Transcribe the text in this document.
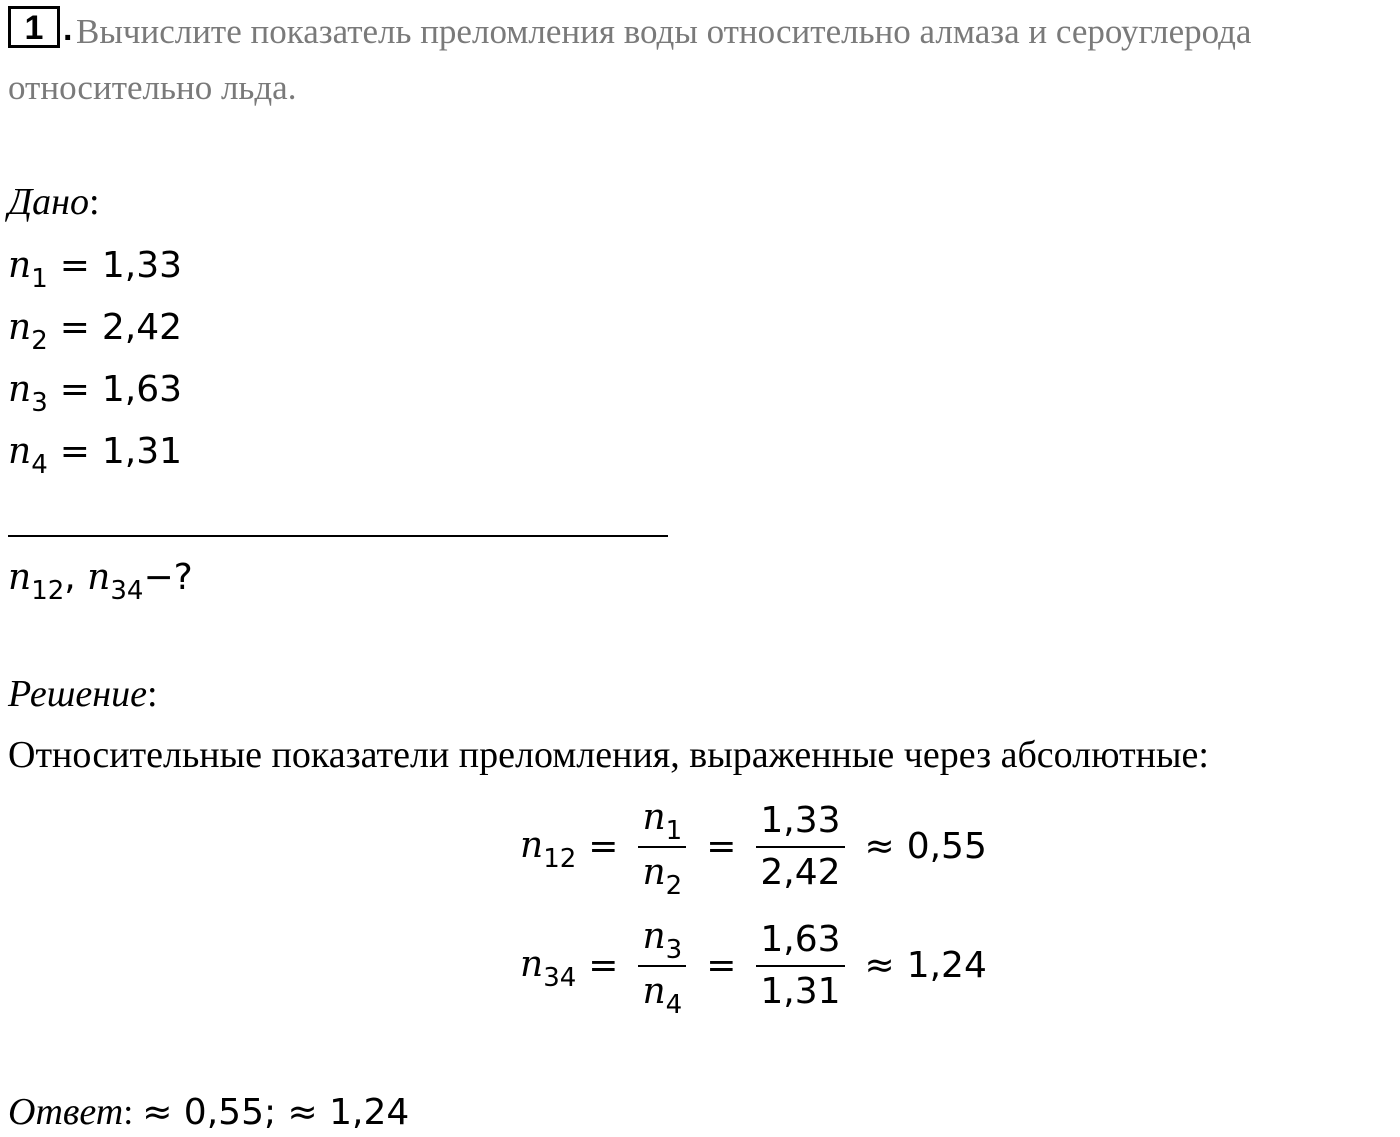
1 . Вычислите показатель преломления воды относительно алмаза и сероуглерода
относительно льда.
Дано:
$n_1 = 1,33$
$n_2 = 2,42$
$n_3 = 1,63$
$n_4 = 1,31$
$n_{12}$, $n_{34}-$?
Решение:
Относительные показатели преломления, выраженные через абсолютные:
$n_{12} = \frac{n_1}{n_2} = \frac{1,33}{2,42} \approx 0,55$
$n_{34} = \frac{n_3}{n_4} = \frac{1,63}{1,31} \approx 1,24$
Ответ: ≈ 0,55; ≈ 1,24
